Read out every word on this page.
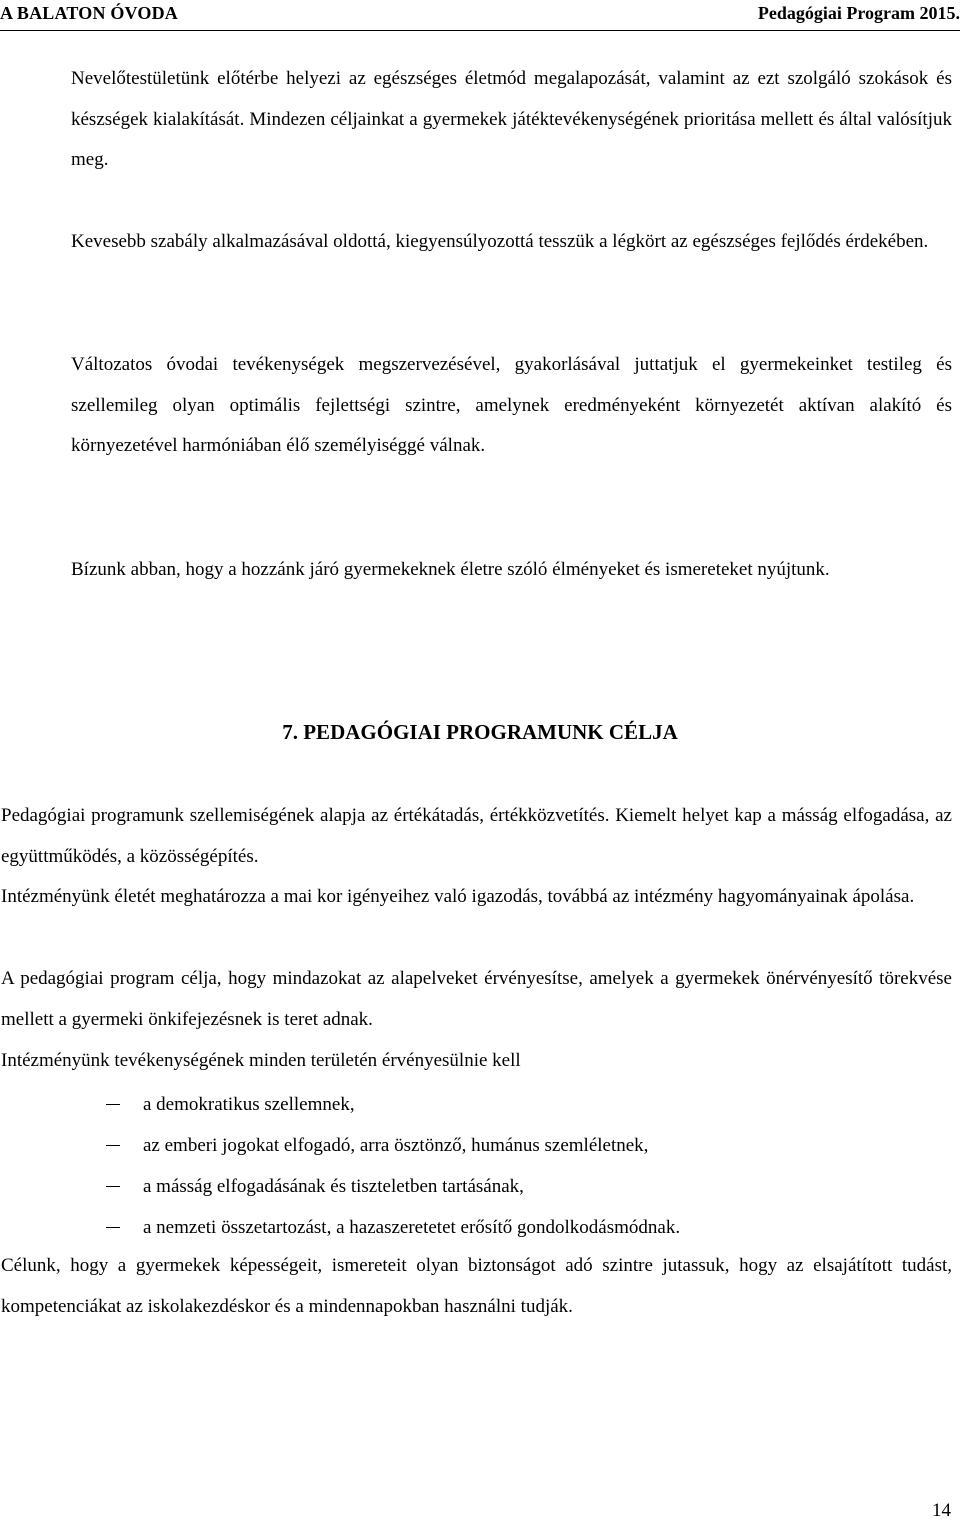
A BALATON ÓVODA	Pedagógiai Program 2015.

Nevelőtestületünk előtérbe helyezi az egészséges életmód megalapozását, valamint az ezt szolgáló szokások és készségek kialakítását. Mindezen céljainkat a gyermekek játéktevékenységének prioritása mellett és által valósítjuk meg.

Kevesebb szabály alkalmazásával oldottá, kiegyensúlyozottá tesszük a légkört az egészséges fejlődés érdekében.

Változatos óvodai tevékenységek megszervezésével, gyakorlásával juttatjuk el gyermekeinket testileg és szellemileg olyan optimális fejlettségi szintre, amelynek eredményeként környezetét aktívan alakító és környezetével harmóniában élő személyiséggé válnak.

Bízunk abban, hogy a hozzánk járó gyermekeknek életre szóló élményeket és ismereteket nyújtunk.

7. PEDAGÓGIAI PROGRAMUNK CÉLJA

Pedagógiai programunk szellemiségének alapja az értékátadás, értékközvetítés. Kiemelt helyet kap a másság elfogadása, az együttműködés, a közösségépítés.

Intézményünk életét meghatározza a mai kor igényeihez való igazodás, továbbá az intézmény hagyományainak ápolása.

A pedagógiai program célja, hogy mindazokat az alapelveket érvényesítse, amelyek a gyermekek önérvényesítő törekvése mellett a gyermeki önkifejezésnek is teret adnak.

Intézményünk tevékenységének minden területén érvényesülnie kell

a demokratikus szellemnek,
az emberi jogokat elfogadó, arra ösztönző, humánus szemléletnek,
a másság elfogadásának és tiszteletben tartásának,
a nemzeti összetartozást, a hazaszeretetet erősítő gondolkodásmódnak.

Célunk, hogy a gyermekek képességeit, ismereteit olyan biztonságot adó szintre jutassuk, hogy az elsajátított tudást, kompetenciákat az iskolakezdéskor és a mindennapokban használni tudják.

14
